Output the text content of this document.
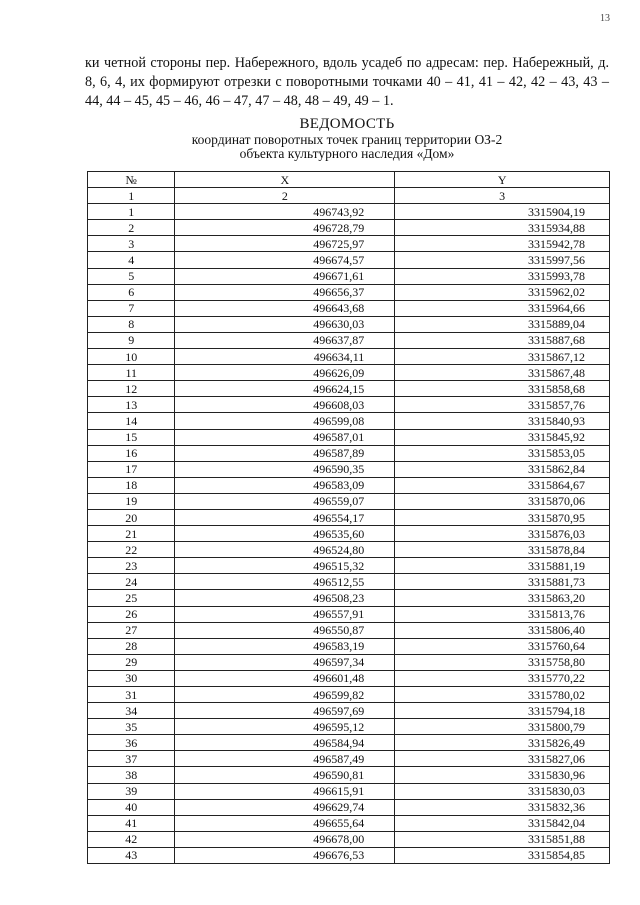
13

ки четной стороны пер. Набережного, вдоль усадеб по адресам: пер. Набережный, д. 8, 6, 4, их формируют отрезки с поворотными точками 40 – 41, 41 – 42, 42 – 43, 43 – 44, 44 – 45, 45 – 46, 46 – 47, 47 – 48, 48 – 49, 49 – 1.

ВЕДОМОСТЬ
координат поворотных точек границ территории ОЗ-2
объекта культурного наследия «Дом»
№	X	Y
1	2	3
1	496743,92	3315904,19
2	496728,79	3315934,88
3	496725,97	3315942,78
4	496674,57	3315997,56
5	496671,61	3315993,78
6	496656,37	3315962,02
7	496643,68	3315964,66
8	496630,03	3315889,04
9	496637,87	3315887,68
10	496634,11	3315867,12
11	496626,09	3315867,48
12	496624,15	3315858,68
13	496608,03	3315857,76
14	496599,08	3315840,93
15	496587,01	3315845,92
16	496587,89	3315853,05
17	496590,35	3315862,84
18	496583,09	3315864,67
19	496559,07	3315870,06
20	496554,17	3315870,95
21	496535,60	3315876,03
22	496524,80	3315878,84
23	496515,32	3315881,19
24	496512,55	3315881,73
25	496508,23	3315863,20
26	496557,91	3315813,76
27	496550,87	3315806,40
28	496583,19	3315760,64
29	496597,34	3315758,80
30	496601,48	3315770,22
31	496599,82	3315780,02
34	496597,69	3315794,18
35	496595,12	3315800,79
36	496584,94	3315826,49
37	496587,49	3315827,06
38	496590,81	3315830,96
39	496615,91	3315830,03
40	496629,74	3315832,36
41	496655,64	3315842,04
42	496678,00	3315851,88
43	496676,53	3315854,85
